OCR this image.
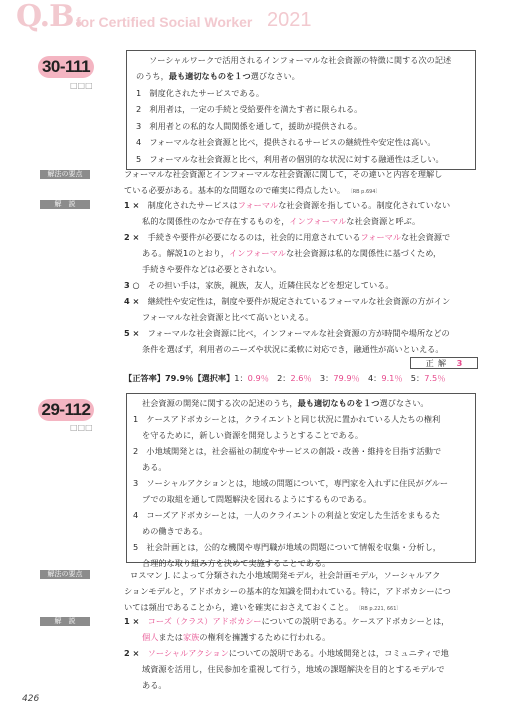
Q.B.
for Certified Social Worker 2021
30-111
□□□
ソーシャルワークで活用されるインフォーマルな社会資源の特徴に関する次の記述
のうち，最も適切なものを１つ選びなさい。
1　制度化されたサービスである。
2　利用者は，一定の手続と受給要件を満たす者に限られる。
3　利用者との私的な人間関係を通して，援助が提供される。
4　フォーマルな社会資源と比べ，提供されるサービスの継続性や安定性は高い。
5　フォーマルな社会資源と比べ，利用者の個別的な状況に対する融通性は乏しい。
解法の要点	フォーマルな社会資源とインフォーマルな社会資源に関して，その違いと内容を理解し
ている必要がある。基本的な問題なので確実に得点したい。 〔RB p.694〕
解　説	1 ×　 制度化されたサービスはフォーマルな社会資源を指している。制度化されていない
私的な関係性のなかで存在するものを，インフォーマルな社会資源と呼ぶ。
2 ×　 手続きや要件が必要になるのは，社会的に用意されているフォーマルな社会資源で
ある。解説1のとおり，インフォーマルな社会資源は私的な関係性に基づくため，
手続きや要件などは必要とされない。
3 ○　 その担い手は，家族，親族，友人，近隣住民などを想定している。
4 ×　 継続性や安定性は，制度や要件が規定されているフォーマルな社会資源の方がイン
フォーマルな社会資源と比べて高いといえる。
5 ×　 フォーマルな社会資源に比べ，インフォーマルな社会資源の方が時間や場所などの
条件を選ばず，利用者のニーズや状況に柔軟に対応でき，融通性が高いといえる。
正解 3
【正答率】79.9％【選択率】1：0.9％　 2：2.6％　 3：79.9％　 4：9.1％　 5：7.5％
29-112
□□□
社会資源の開発に関する次の記述のうち，最も適切なものを１つ選びなさい。
1　ケースアドボカシーとは，クライエントと同じ状況に置かれている人たちの権利
を守るために，新しい資源を開発しようとすることである。
2　小地域開発とは，社会福祉の制度やサービスの創設・改善・維持を目指す活動で
ある。
3　ソーシャルアクションとは，地域の問題について，専門家を入れずに住民がグルー
プでの取組を通して問題解決を図れるようにするものである。
4　コーズアドボカシーとは，一人のクライエントの利益と安定した生活をまもるた
めの働きである。
5　社会計画とは，公的な機関や専門職が地域の問題について情報を収集・分析し，
合理的な取り組み方を決めて実施することである。
解法の要点	ロスマン J. によって分類された小地域開発モデル，社会計画モデル，ソーシャルアク
ションモデルと，アドボカシーの基本的な知識を問われている。特に，アドボカシーにつ
いては頻出であることから，違いを確実におさえておくこと。 〔RB p.221, 661〕
解　説	1 ×　 コーズ（クラス）アドボカシーについての説明である。ケースアドボカシーとは，
個人または家族の権利を擁護するために行われる。
2 ×　 ソーシャルアクションについての説明である。小地域開発とは，コミュニティで地
域資源を活用し，住民参加を重視して行う，地域の課題解決を目的とするモデルで
ある。
426
